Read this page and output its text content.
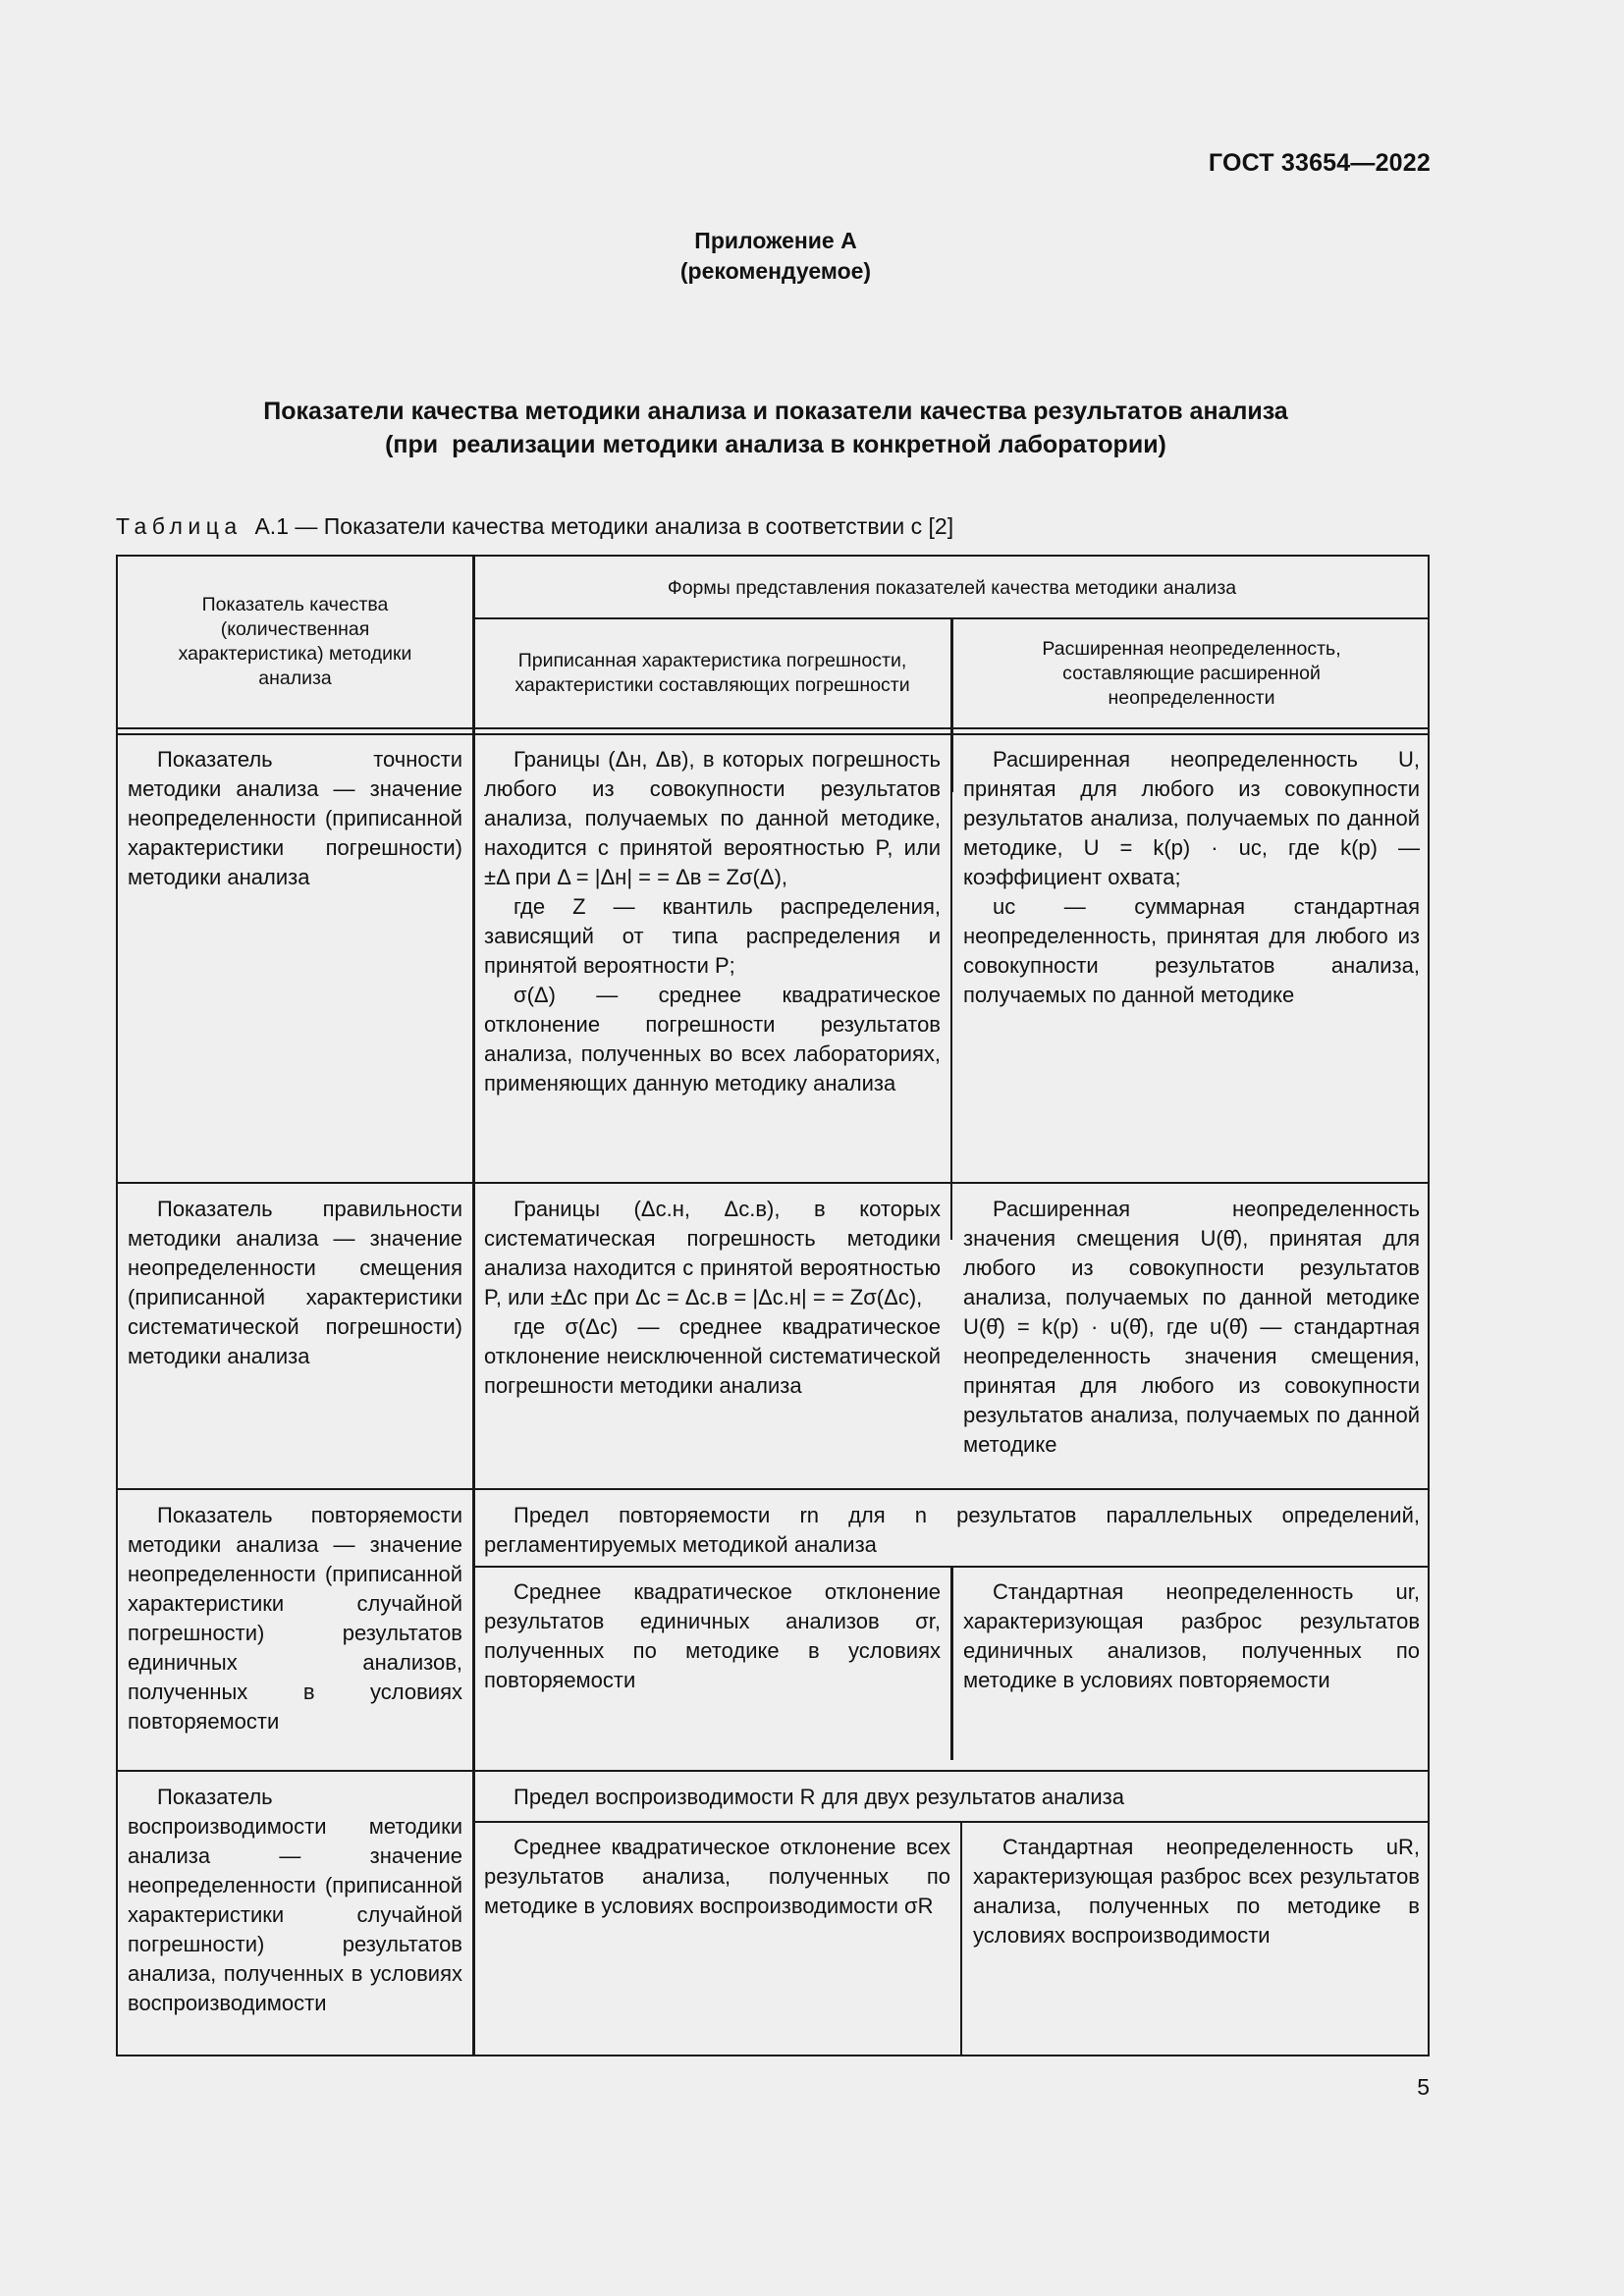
ГОСТ 33654—2022
Приложение А
(рекомендуемое)
Показатели качества методики анализа и показатели качества результатов анализа
(при  реализации методики анализа в конкретной лаборатории)
Таблица А.1 — Показатели качества методики анализа в соответствии с [2]
Показатель качества (количественная характеристика) методики анализа
Формы представления показателей качества методики анализа
Приписанная характеристика погрешности, характеристики составляющих погрешности
Расширенная неопределенность, составляющие расширенной неопределенности

Показатель точности методики анализа — значение неопределенности (приписанной характеристики погрешности) методики анализа

Границы (Δн, Δв), в которых погрешность любого из совокупности результатов анализа, получаемых по данной методике, находится с принятой вероятностью P, или ±Δ при Δ = |Δн| = = Δв = Zσ(Δ),

где Z — квантиль распределения, зависящий от типа распределения и принятой вероятности P;

σ(Δ) — среднее квадратическое отклонение погрешности результатов анализа, полученных во всех лабораториях, применяющих данную методику анализа

Расширенная неопределенность U, принятая для любого из совокупности результатов анализа, получаемых по данной методике, U = k(р) · uс, где k(р) — коэффициент охвата;

uс — суммарная стандартная неопределенность, принятая для любого из совокупности результатов анализа, получаемых по данной методике

Показатель правильности методики анализа — значение неопределенности смещения (приписанной характеристики систематической погрешности) методики анализа

Границы (Δс.н, Δс.в), в которых систематическая погрешность методики анализа находится с принятой вероятностью P, или ±Δс при Δс = Δс.в = |Δс.н| = = Zσ(Δс),

где σ(Δс) — среднее квадратическое отклонение неисключенной систематической погрешности методики анализа

Расширенная неопределенность значения смещения U(θ̂), принятая для любого из совокупности результатов анализа, получаемых по данной методике U(θ̂) = k(р) · u(θ̂), где u(θ̂) — стандартная неопределенность значения смещения, принятая для любого из совокупности результатов анализа, получаемых по данной методике

Показатель повторяемости методики анализа — значение неопределенности (приписанной характеристики случайной погрешности) результатов единичных анализов, полученных в условиях повторяемости

Предел повторяемости rn для n результатов параллельных определений, регламентируемых методикой анализа

Среднее квадратическое отклонение результатов единичных анализов σr, полученных по методике в условиях повторяемости

Стандартная неопределенность ur, характеризующая разброс результатов единичных анализов, полученных по методике в условиях повторяемости

Показатель воспроизводимости методики анализа — значение неопределенности (приписанной характеристики случайной погрешности) результатов анализа, полученных в условиях воспроизводимости

Предел воспроизводимости R для двух результатов анализа

Среднее квадратическое отклонение всех результатов анализа, полученных по методике в условиях воспроизводимости σR

Стандартная неопределенность uR, характеризующая разброс всех результатов анализа, полученных по методике в условиях воспроизводимости

5
